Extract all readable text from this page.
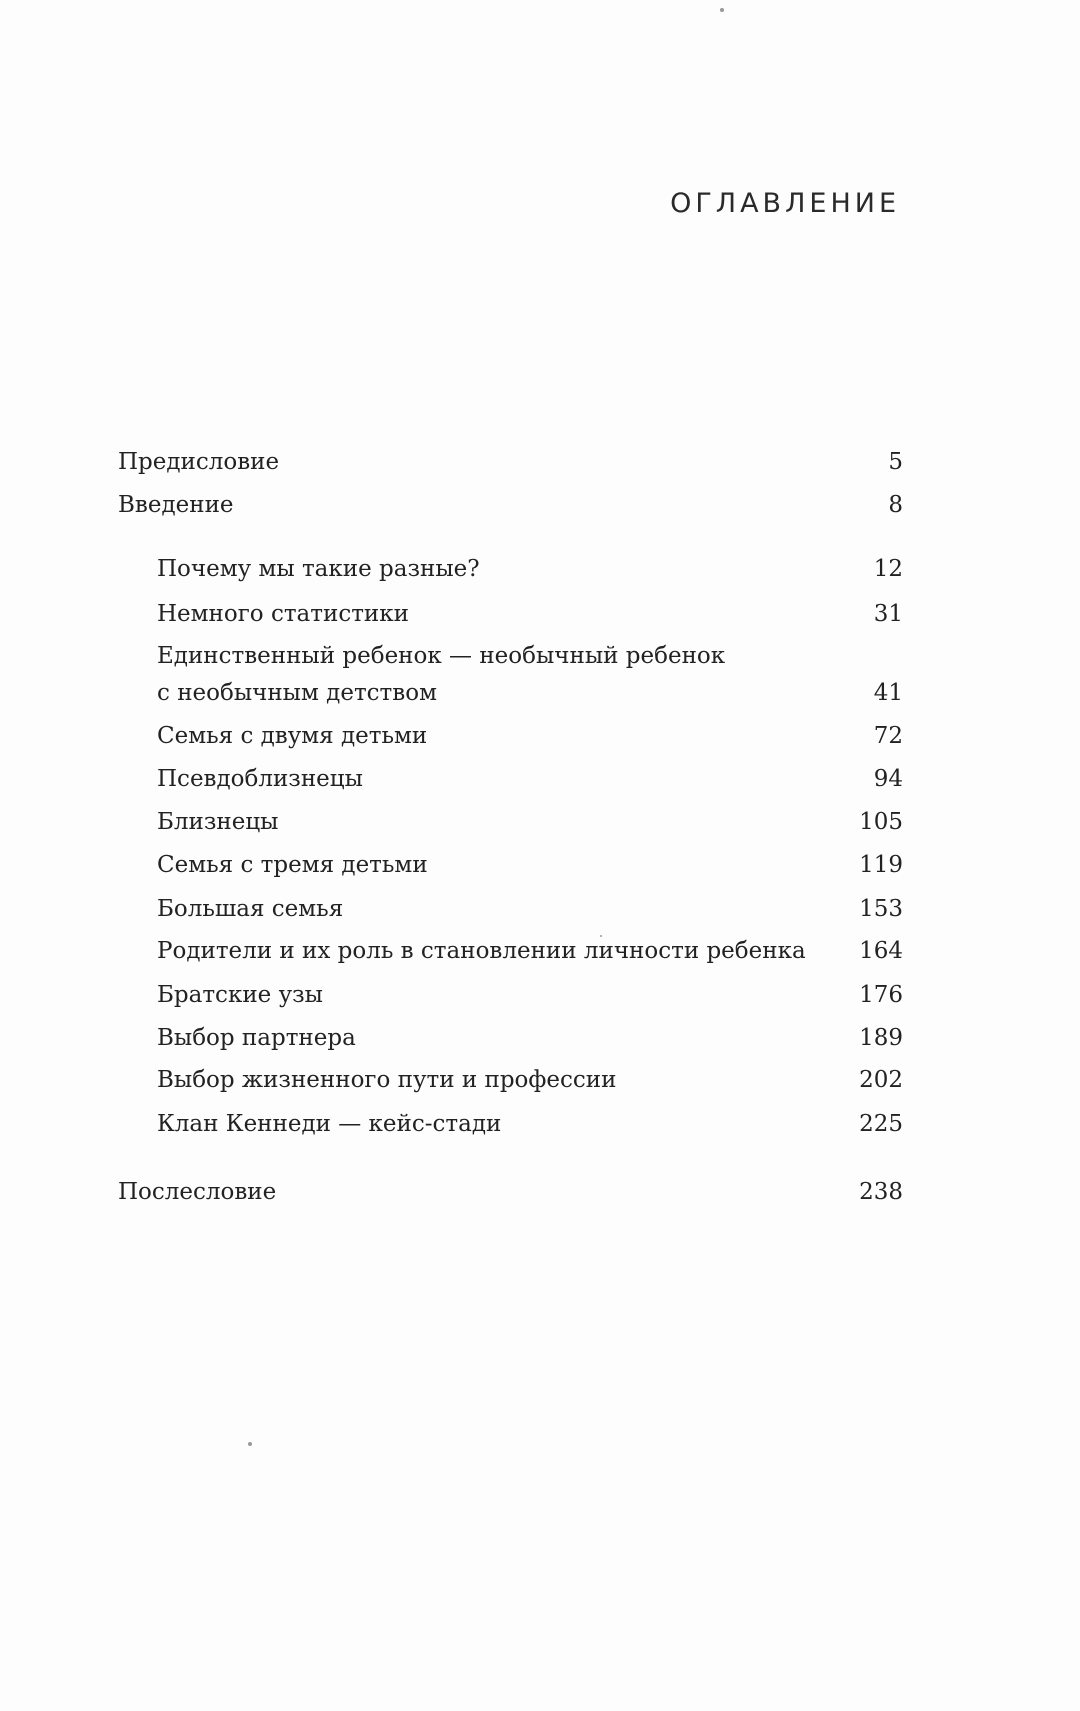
ОГЛАВЛЕНИЕ
Предисловие	5
Введение	8
Почему мы такие разные?	12
Немного статистики	31
Единственный ребенок — необычный ребенок
с необычным детством	41
Семья с двумя детьми	72
Псевдоблизнецы	94
Близнецы	105
Семья с тремя детьми	119
Большая семья	153
Родители и их роль в становлении личности ребенка 164
Братские узы	176
Выбор партнера	189
Выбор жизненного пути и профессии	202
Клан Кеннеди — кейс-стади	225
Послесловие	238
